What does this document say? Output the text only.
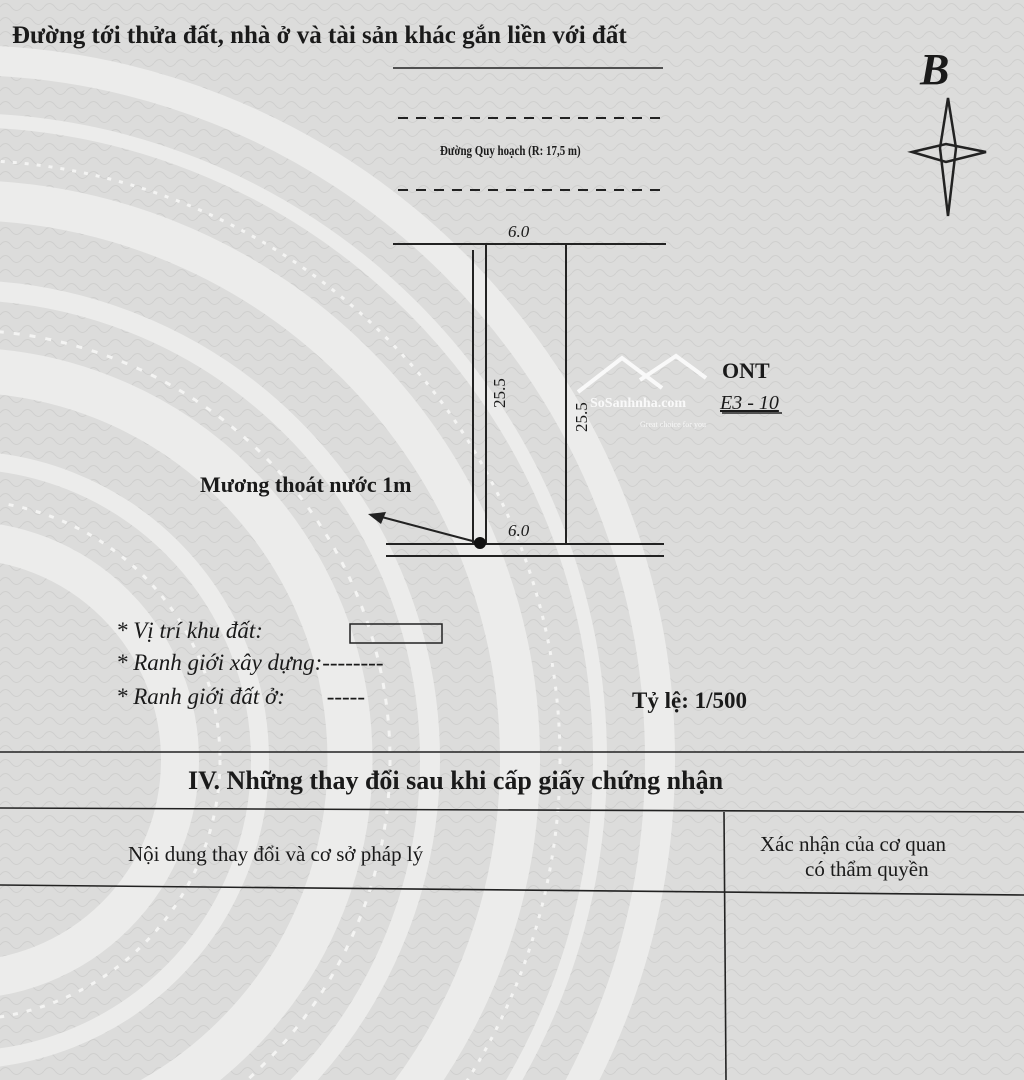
Đường tới thửa đất, nhà ở và tài sản khác gắn liền với đất
B
Đường Quy hoạch (R: 17,5 m)
6.0
6.0
25.5
25.5
ONT
E3 - 10
Mương thoát nước 1m
SoSanhnha.com
Great choice for you
* Vị trí khu đất:
* Ranh giới xây dựng:--------
* Ranh giới đất ở: -----	Tỷ lệ: 1/500
IV. Những thay đổi sau khi cấp giấy chứng nhận
Nội dung thay đổi và cơ sở pháp lý	Xác nhận của cơ quan
có thẩm quyền
